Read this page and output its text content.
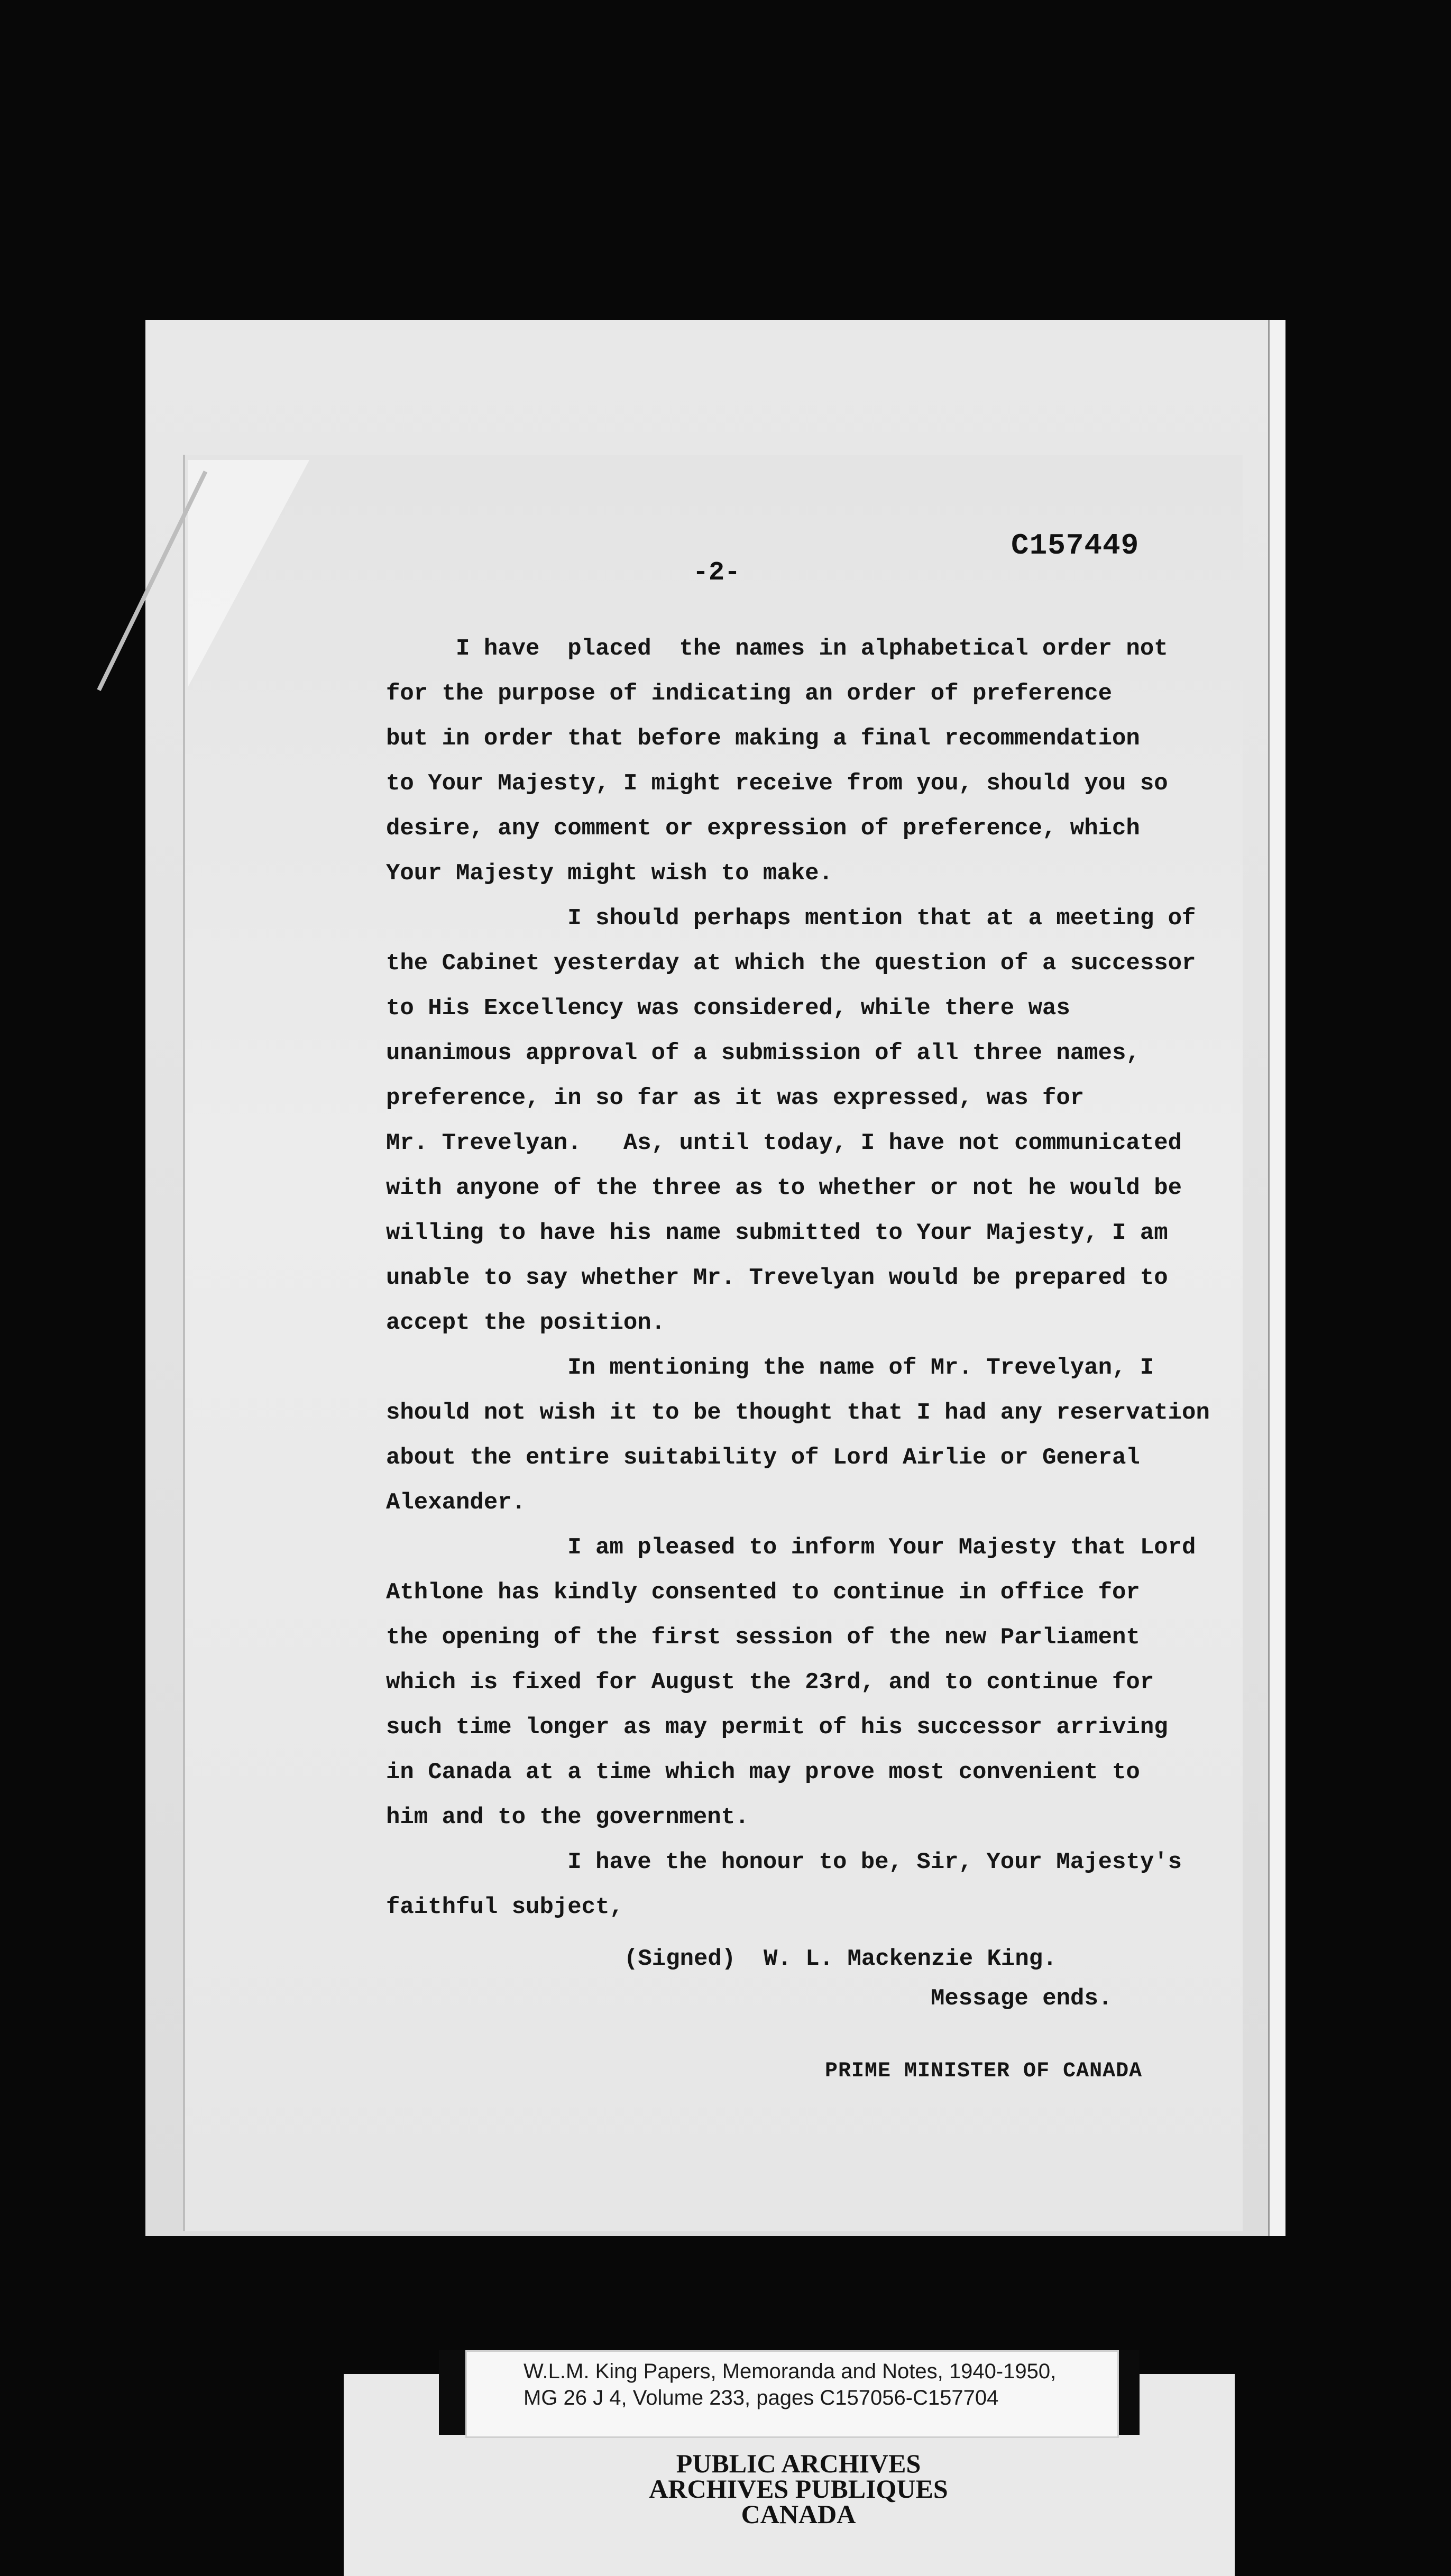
C157449
-2-

I have  placed  the names in alphabetical order not

for the purpose of indicating an order of preference

but in order that before making a final recommendation

to Your Majesty, I might receive from you, should you so

desire, any comment or expression of preference, which

Your Majesty might wish to make.

I should perhaps mention that at a meeting of

the Cabinet yesterday at which the question of a successor

to His Excellency was considered, while there was

unanimous approval of a submission of all three names,

preference, in so far as it was expressed, was for

Mr. Trevelyan.   As, until today, I have not communicated

with anyone of the three as to whether or not he would be

willing to have his name submitted to Your Majesty, I am

unable to say whether Mr. Trevelyan would be prepared to

accept the position.

In mentioning the name of Mr. Trevelyan, I

should not wish it to be thought that I had any reservation

about the entire suitability of Lord Airlie or General

Alexander.

I am pleased to inform Your Majesty that Lord

Athlone has kindly consented to continue in office for

the opening of the first session of the new Parliament

which is fixed for August the 23rd, and to continue for

such time longer as may permit of his successor arriving

in Canada at a time which may prove most convenient to

him and to the government.

I have the honour to be, Sir, Your Majesty's

faithful subject,

(Signed)  W. L. Mackenzie King.
Message ends.
PRIME MINISTER OF CANADA
W.L.M. King Papers, Memoranda and Notes, 1940-1950,
MG 26 J 4, Volume 233, pages C157056-C157704
PUBLIC ARCHIVES
ARCHIVES PUBLIQUES
CANADA
